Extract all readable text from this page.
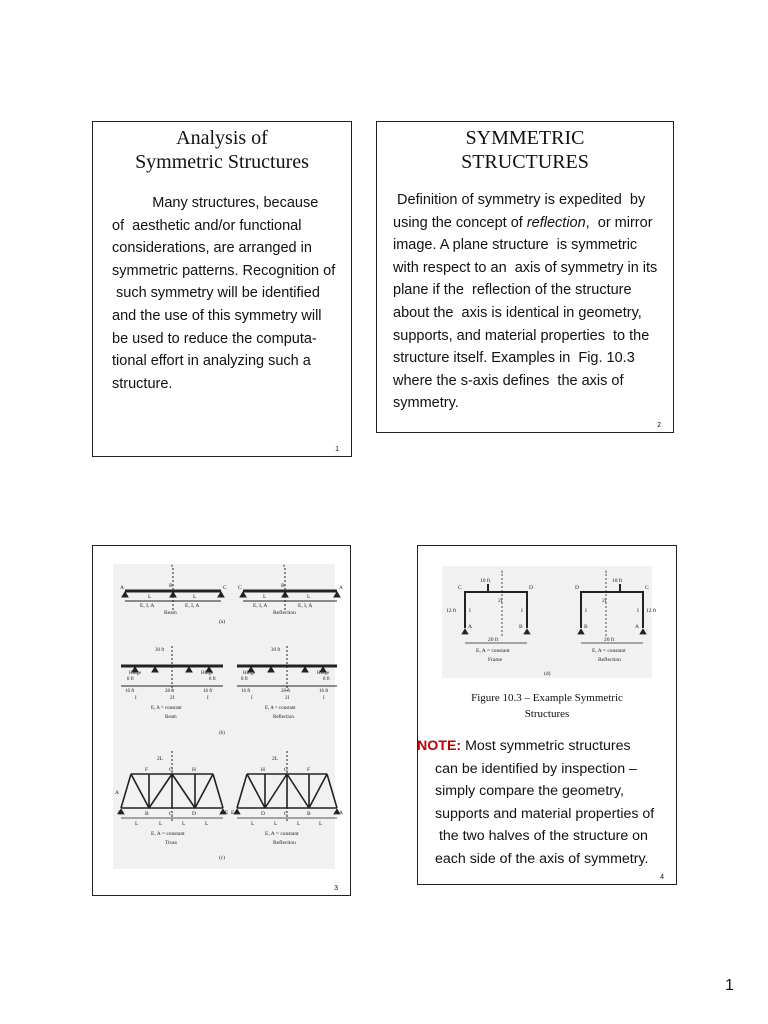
Analysis of
Symmetric Structures
Many structures, because
of  aesthetic and/or functional
considerations, are arranged in
symmetric patterns. Recognition of
such symmetry will be identified
and the use of this symmetry will
be used to reduce the computa-
tional effort in analyzing such a
structure.
1
SYMMETRIC
STRUCTURES
Definition of symmetry is expedited  by
using the concept of reflection,  or mirror
image. A plane structure  is symmetric
with respect to an  axis of symmetry in its
plane if the  reflection of the structure
about the  axis is identical in geometry,
supports, and material properties  to the
structure itself. Examples in  Fig. 10.3
where the s-axis defines  the axis of
symmetry.
2
s	s
A	B	C C	B	A
L	L	L	L
E, I, A	E, I, A	E, I, A	E, I, A
Beam	Reflection
(a)
30 ft	30 ft
Hinge	Hinge	Hinge	Hinge
8 ft	8 ft	8 ft	8 ft
16 ft	28 ft	16 ft	16 ft	28 ft	16 ft
I	2I	I	I	2I	I
E, A = constant	E, A = constant
Beam	Reflection
(b)
2L	2L
A
F	G	H	H	G	F
A	B	C	D	E E	D	C	B	A
L	L	L	L	L	L	L	L
E, A = constant	E, A = constant
Truss	Reflection
(c)
3
s	s
10 ft	10 ft
C	D	D	C
2I	2I
12 ft	12 ft
I	I	I	I
A	B	B	A
20 ft	20 ft
E, A = constant	E, A = constant
Frame	Reflection
(d)
Figure 10.3 – Example Symmetric
Structures
NOTE: Most symmetric structures
can be identified by inspection –
simply compare the geometry,
supports and material properties of
the two halves of the structure on
each side of the axis of symmetry.
4
1
